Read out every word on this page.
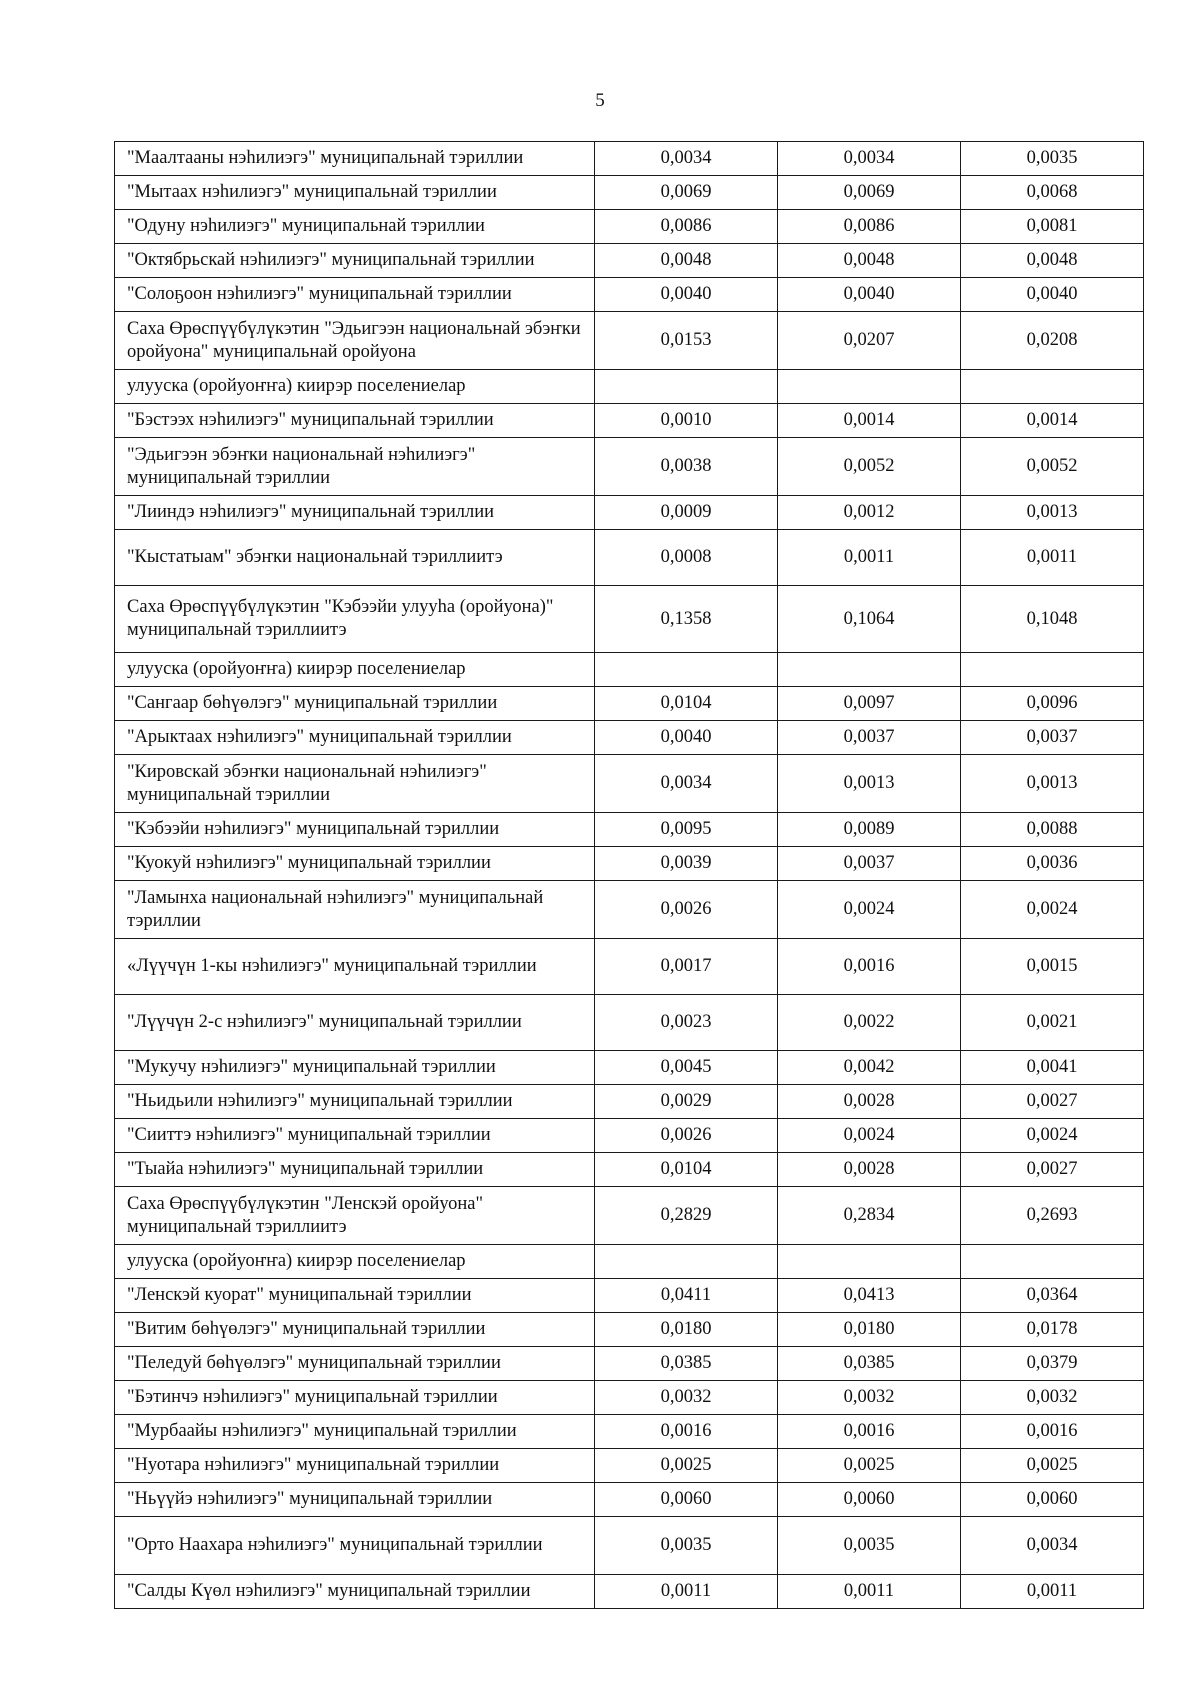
5
"Маалтааны нэhилиэгэ" муниципальнай тэриллии	0,0034	0,0034	0,0035
"Мытаах нэhилиэгэ" муниципальнай тэриллии	0,0069	0,0069	0,0068
"Одуну нэhилиэгэ" муниципальнай тэриллии	0,0086	0,0086	0,0081
"Октябрьскай нэhилиэгэ" муниципальнай тэриллии	0,0048	0,0048	0,0048
"Солоҕоон нэhилиэгэ" муниципальнай тэриллии	0,0040	0,0040	0,0040
Саха Өрөспүүбүлүкэтин "Эдьигээн национальнай эбэҥки оройуона" муниципальнай оройуона	0,0153	0,0207	0,0208
улууска (оройуоҥҥа) киирэр поселениелар			
"Бэстээх нэhилиэгэ" муниципальнай тэриллии	0,0010	0,0014	0,0014
"Эдьигээн эбэҥки национальнай нэhилиэгэ" муниципальнай тэриллии	0,0038	0,0052	0,0052
"Лииндэ нэhилиэгэ" муниципальнай тэриллии	0,0009	0,0012	0,0013
"Кыстатыам" эбэҥки национальнай тэриллиитэ	0,0008	0,0011	0,0011
Саха Өрөспүүбүлүкэтин "Кэбээйи улууhа (оройуона)" муниципальнай тэриллиитэ	0,1358	0,1064	0,1048
улууска (оройуоҥҥа) киирэр поселениелар			
"Сангаар бөhүөлэгэ" муниципальнай тэриллии	0,0104	0,0097	0,0096
"Арыктаах нэhилиэгэ" муниципальнай тэриллии	0,0040	0,0037	0,0037
"Кировскай эбэҥки национальнай нэhилиэгэ" муниципальнай тэриллии	0,0034	0,0013	0,0013
"Кэбээйи нэhилиэгэ" муниципальнай тэриллии	0,0095	0,0089	0,0088
"Куокуй нэhилиэгэ" муниципальнай тэриллии	0,0039	0,0037	0,0036
"Ламынха национальнай нэhилиэгэ" муниципальнай тэриллии	0,0026	0,0024	0,0024
«Лүүчүн 1-кы нэhилиэгэ" муниципальнай тэриллии	0,0017	0,0016	0,0015
"Лүүчүн 2-с нэhилиэгэ" муниципальнай тэриллии	0,0023	0,0022	0,0021
"Мукучу нэhилиэгэ" муниципальнай тэриллии	0,0045	0,0042	0,0041
"Ньидьили нэhилиэгэ" муниципальнай тэриллии	0,0029	0,0028	0,0027
"Сииттэ нэhилиэгэ" муниципальнай тэриллии	0,0026	0,0024	0,0024
"Тыайа нэhилиэгэ" муниципальнай тэриллии	0,0104	0,0028	0,0027
Саха Өрөспүүбүлүкэтин "Ленскэй оройуона" муниципальнай тэриллиитэ	0,2829	0,2834	0,2693
улууска (оройуоҥҥа) киирэр поселениелар			
"Ленскэй куорат" муниципальнай тэриллии	0,0411	0,0413	0,0364
"Витим бөhүөлэгэ" муниципальнай тэриллии	0,0180	0,0180	0,0178
"Пеледуй бөhүөлэгэ" муниципальнай тэриллии	0,0385	0,0385	0,0379
"Бэтинчэ нэhилиэгэ" муниципальнай тэриллии	0,0032	0,0032	0,0032
"Мурбаайы нэhилиэгэ" муниципальнай тэриллии	0,0016	0,0016	0,0016
"Нуотара нэhилиэгэ" муниципальнай тэриллии	0,0025	0,0025	0,0025
"Ньүүйэ нэhилиэгэ" муниципальнай тэриллии	0,0060	0,0060	0,0060
"Орто Наахара нэhилиэгэ" муниципальнай тэриллии	0,0035	0,0035	0,0034
"Салды Күөл нэhилиэгэ" муниципальнай тэриллии	0,0011	0,0011	0,0011
